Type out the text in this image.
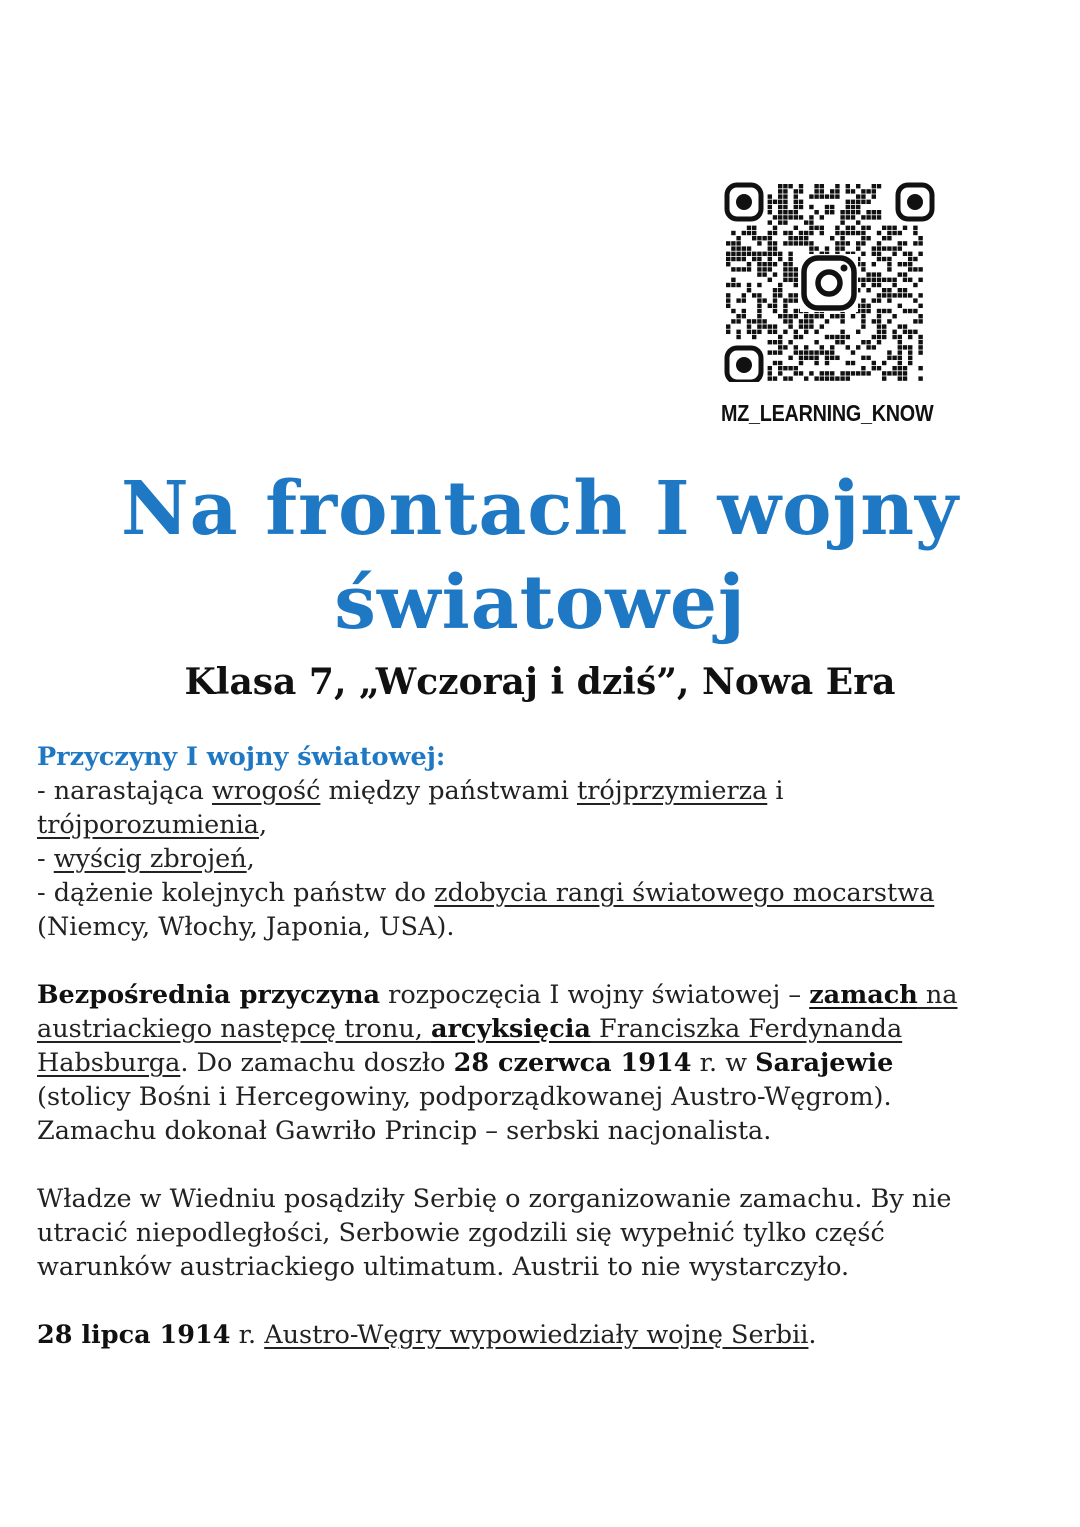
MZ_LEARNING_KNOW
Na frontach I wojny
światowej
Klasa 7, „Wczoraj i dziś”, Nowa Era

Przyczyny I wojny światowej:

- narastająca wrogość między państwami trójprzymierza i

trójporozumienia,

- wyścig zbrojeń,

- dążenie kolejnych państw do zdobycia rangi światowego mocarstwa

(Niemcy, Włochy, Japonia, USA).

Bezpośrednia przyczyna rozpoczęcia I wojny światowej – zamach na

austriackiego następcę tronu, arcyksięcia Franciszka Ferdynanda

Habsburga. Do zamachu doszło 28 czerwca 1914 r. w Sarajewie

(stolicy Bośni i Hercegowiny, podporządkowanej Austro-Węgrom).

Zamachu dokonał Gawriło Princip – serbski nacjonalista.

Władze w Wiedniu posądziły Serbię o zorganizowanie zamachu. By nie

utracić niepodległości, Serbowie zgodzili się wypełnić tylko część

warunków austriackiego ultimatum. Austrii to nie wystarczyło.

28 lipca 1914 r. Austro-Węgry wypowiedziały wojnę Serbii.
